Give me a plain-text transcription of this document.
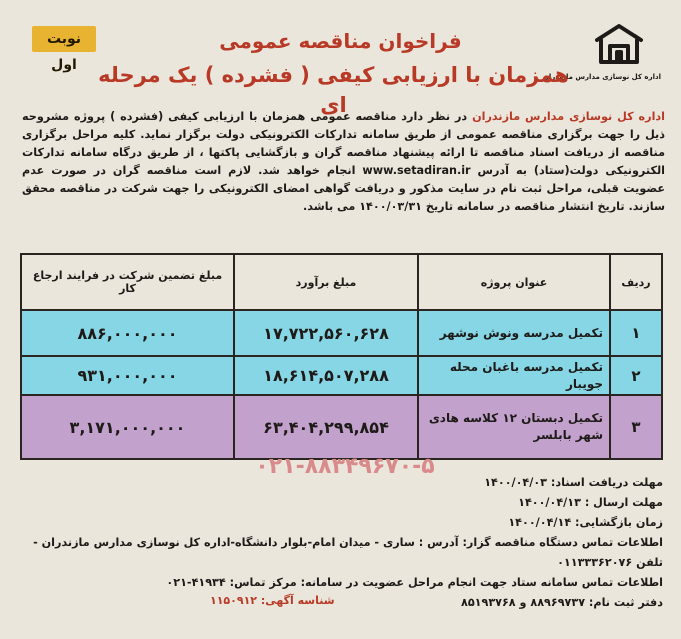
نوبت اول
اداره کل نوسازی مدارس مازندران
فراخوان مناقصه عمومی
همزمان با ارزیابی کیفی ( فشرده ) یک مرحله ای	اداره کل نوسازی مدارس مازندران در نظر دارد مناقصه عمومی همزمان با ارزیابی کیفی (فشرده ) پروژه مشروحه ذیل را جهت برگزاری مناقصه عمومی از طریق سامانه تدارکات الکترونیکی دولت برگزار نماید. کلیه مراحل برگزاری مناقصه از دریافت اسناد مناقصه تا ارائه پیشنهاد مناقصه گران و بازگشایی پاکتها ، از طریق درگاه سامانه تدارکات الکترونیکی دولت(ستاد) به آدرس www.setadiran.ir انجام خواهد شد. لازم است مناقصه گران در صورت عدم عضویت قبلی، مراحل ثبت نام در سایت مذکور و دریافت گواهی امضای الکترونیکی را جهت شرکت در مناقصه محقق سازند. تاریخ انتشار مناقصه در سامانه تاریخ ۱۴۰۰/۰۳/۳۱ می باشد.
ردیف	عنوان پروژه	مبلغ برآورد	مبلغ تضمین شرکت در فرایند ارجاع کار
۱	تکمیل مدرسه ونوش نوشهر	۱۷,۷۲۲,۵۶۰,۶۲۸	۸۸۶,۰۰۰,۰۰۰
۲	تکمیل مدرسه باغبان محله جویبار	۱۸,۶۱۴,۵۰۷,۲۸۸	۹۳۱,۰۰۰,۰۰۰
۳	تکمیل دبستان ۱۲ کلاسه هادی شهر بابلسر	۶۳,۴۰۴,۲۹۹,۸۵۴	۳,۱۷۱,۰۰۰,۰۰۰
۰۲۱-۸۸۳۴۹۶۷۰-۵
مهلت دریافت اسناد: ۱۴۰۰/۰۴/۰۳
مهلت ارسال : ۱۴۰۰/۰۴/۱۳
زمان بازگشایی: ۱۴۰۰/۰۴/۱۴
اطلاعات تماس دستگاه مناقصه گزار: آدرس : ساری - میدان امام-بلوار دانشگاه-اداره کل نوسازی مدارس مازندران - تلفن ۰۱۱۳۳۳۶۲۰۷۶
اطلاعات تماس سامانه ستاد جهت انجام مراحل عضویت در سامانه: مرکز تماس: ۴۱۹۳۴-۰۲۱
دفتر ثبت نام: ۸۸۹۶۹۷۳۷ و ۸۵۱۹۳۷۶۸
شناسه آگهی: ۱۱۵۰۹۱۲
